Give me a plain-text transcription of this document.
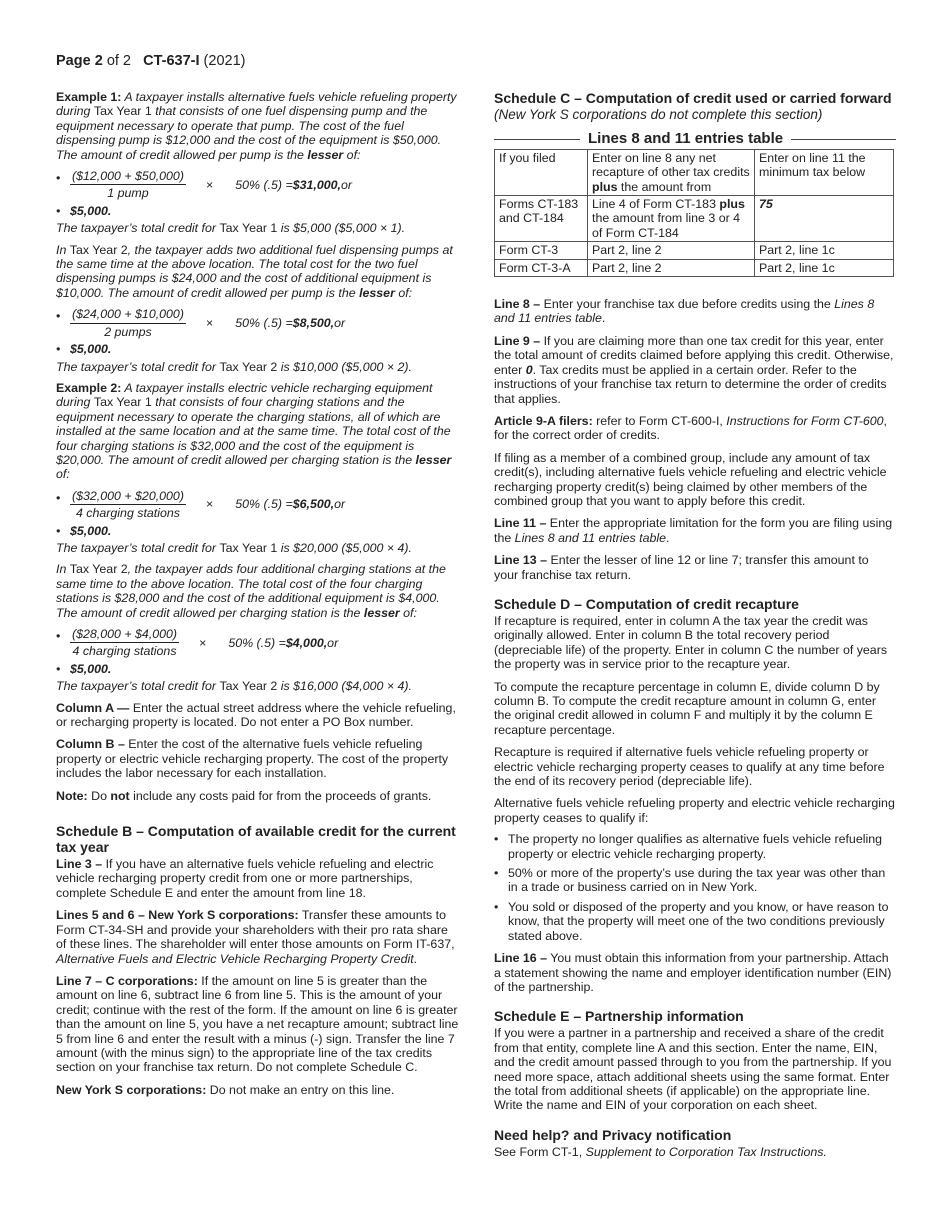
Page 2 of 2 CT-637-I (2021)

Example 1: A taxpayer installs alternative fuels vehicle refueling property during Tax Year 1 that consists of one fuel dispensing pump and the equipment necessary to operate that pump. The cost of the fuel dispensing pump is $12,000 and the cost of the equipment is $50,000. The amount of credit allowed per pump is the lesser of:

• $\frac{(\$12,000 + \$50,000)}{\text{1 pump}} \times 50\%$ (.5) = $31,000, or
• $5,000.

The taxpayer’s total credit for Tax Year 1 is $5,000 ($5,000 × 1).

In Tax Year 2, the taxpayer adds two additional fuel dispensing pumps at the same time at the above location. The total cost for the two fuel dispensing pumps is $24,000 and the cost of additional equipment is $10,000. The amount of credit allowed per pump is the lesser of:

• $\frac{(\$24,000 + \$10,000)}{\text{2 pumps}} \times 50\%$ (.5) = $8,500, or
• $5,000.

The taxpayer’s total credit for Tax Year 2 is $10,000 ($5,000 × 2).

Example 2: A taxpayer installs electric vehicle recharging equipment during Tax Year 1 that consists of four charging stations and the equipment necessary to operate the charging stations, all of which are installed at the same location and at the same time. The total cost of the four charging stations is $32,000 and the cost of the equipment is $20,000. The amount of credit allowed per charging station is the lesser of:

• $\frac{(\$32,000 + \$20,000)}{\text{4 charging stations}} \times 50\%$ (.5) = $6,500, or
• $5,000.

The taxpayer’s total credit for Tax Year 1 is $20,000 ($5,000 × 4).

In Tax Year 2, the taxpayer adds four additional charging stations at the same time to the above location. The total cost of the four charging stations is $28,000 and the cost of the additional equipment is $4,000. The amount of credit allowed per charging station is the lesser of:

• $\frac{(\$28,000 + \$4,000)}{\text{4 charging stations}} \times 50\%$ (.5) = $4,000, or
• $5,000.

The taxpayer’s total credit for Tax Year 2 is $16,000 ($4,000 × 4).

Column A — Enter the actual street address where the vehicle refueling, or recharging property is located. Do not enter a PO Box number.

Column B – Enter the cost of the alternative fuels vehicle refueling property or electric vehicle recharging property. The cost of the property includes the labor necessary for each installation.

Note: Do not include any costs paid for from the proceeds of grants.

Schedule B – Computation of available credit for the current tax year

Line 3 – If you have an alternative fuels vehicle refueling and electric vehicle recharging property credit from one or more partnerships, complete Schedule E and enter the amount from line 18.

Lines 5 and 6 – New York S corporations: Transfer these amounts to Form CT-34-SH and provide your shareholders with their pro rata share of these lines. The shareholder will enter those amounts on Form IT-637, Alternative Fuels and Electric Vehicle Recharging Property Credit.

Line 7 – C corporations: If the amount on line 5 is greater than the amount on line 6, subtract line 6 from line 5. This is the amount of your credit; continue with the rest of the form. If the amount on line 6 is greater than the amount on line 5, you have a net recapture amount; subtract line 5 from line 6 and enter the result with a minus (-) sign. Transfer the line 7 amount (with the minus sign) to the appropriate line of the tax credits section on your franchise tax return. Do not complete Schedule C.

New York S corporations: Do not make an entry on this line.

Schedule C – Computation of credit used or carried forward

(New York S corporations do not complete this section)

Lines 8 and 11 entries table
If you filed	Enter on line 8 any net recapture of other tax credits plus the amount from	Enter on line 11 the minimum tax below
Forms CT-183 and CT-184	Line 4 of Form CT-183 plus the amount from line 3 or 4 of Form CT-184	75
Form CT-3	Part 2, line 2	Part 2, line 1c
Form CT-3-A	Part 2, line 2	Part 2, line 1c

Line 8 – Enter your franchise tax due before credits using the Lines 8 and 11 entries table.

Line 9 – If you are claiming more than one tax credit for this year, enter the total amount of credits claimed before applying this credit. Otherwise, enter 0. Tax credits must be applied in a certain order. Refer to the instructions of your franchise tax return to determine the order of credits that applies.

Article 9-A filers: refer to Form CT-600-I, Instructions for Form CT-600, for the correct order of credits.

If filing as a member of a combined group, include any amount of tax credit(s), including alternative fuels vehicle refueling and electric vehicle recharging property credit(s) being claimed by other members of the combined group that you want to apply before this credit.

Line 11 – Enter the appropriate limitation for the form you are filing using the Lines 8 and 11 entries table.

Line 13 – Enter the lesser of line 12 or line 7; transfer this amount to your franchise tax return.

Schedule D – Computation of credit recapture

If recapture is required, enter in column A the tax year the credit was originally allowed. Enter in column B the total recovery period (depreciable life) of the property. Enter in column C the number of years the property was in service prior to the recapture year.

To compute the recapture percentage in column E, divide column D by column B. To compute the credit recapture amount in column G, enter the original credit allowed in column F and multiply it by the column E recapture percentage.

Recapture is required if alternative fuels vehicle refueling property or electric vehicle recharging property ceases to qualify at any time before the end of its recovery period (depreciable life).

Alternative fuels vehicle refueling property and electric vehicle recharging property ceases to qualify if:

• The property no longer qualifies as alternative fuels vehicle refueling property or electric vehicle recharging property.
• 50% or more of the property’s use during the tax year was other than in a trade or business carried on in New York.
• You sold or disposed of the property and you know, or have reason to know, that the property will meet one of the two conditions previously stated above.

Line 16 – You must obtain this information from your partnership. Attach a statement showing the name and employer identification number (EIN) of the partnership.

Schedule E – Partnership information

If you were a partner in a partnership and received a share of the credit from that entity, complete line A and this section. Enter the name, EIN, and the credit amount passed through to you from the partnership. If you need more space, attach additional sheets using the same format. Enter the total from additional sheets (if applicable) on the appropriate line. Write the name and EIN of your corporation on each sheet.

Need help? and Privacy notification

See Form CT-1, Supplement to Corporation Tax Instructions.
